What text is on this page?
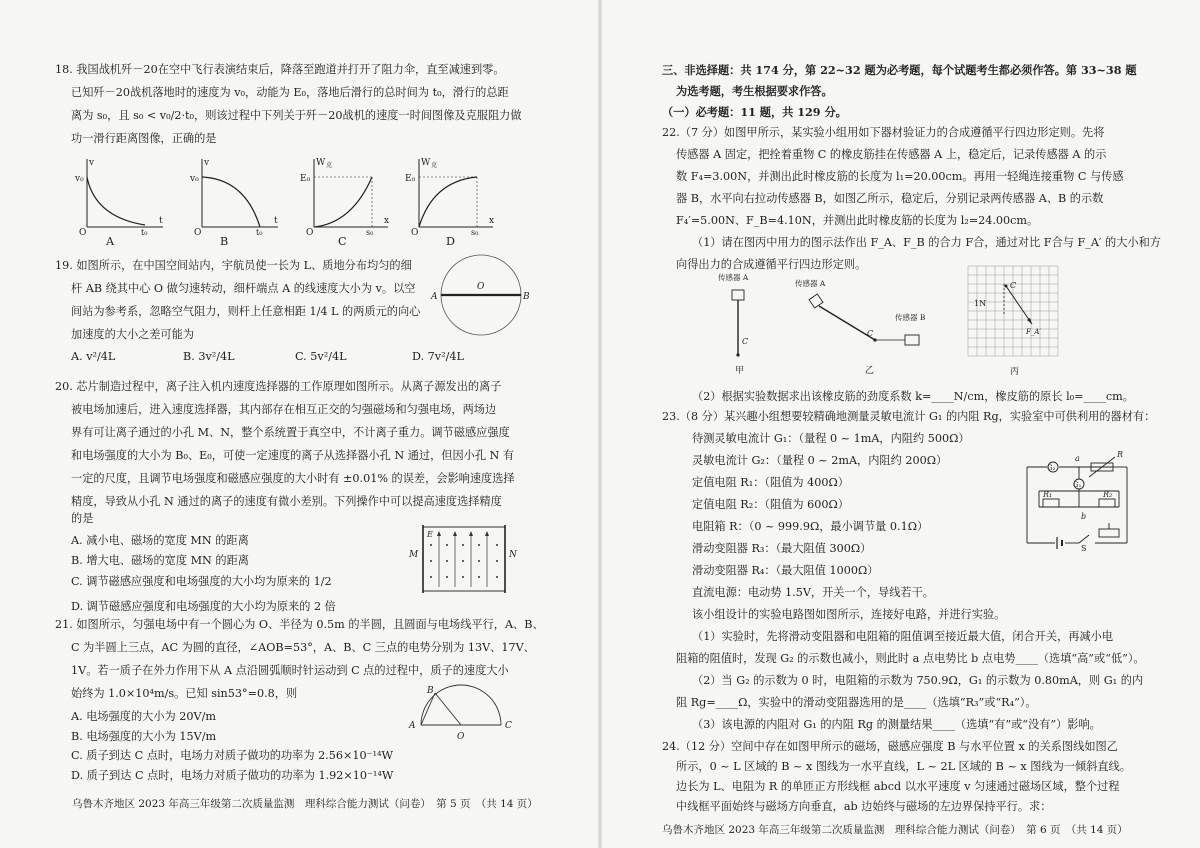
18. 我国战机歼－20在空中飞行表演结束后，降落至跑道并打开了阻力伞，直至减速到零。
已知歼－20战机落地时的速度为 v₀，动能为 E₀，落地后滑行的总时间为 t₀，滑行的总距
离为 s₀，且 s₀ < v₀/2·t₀，则该过程中下列关于歼－20战机的速度一时间图像及克服阻力做
功一滑行距离图像，正确的是
v
v₀
O	t₀
t
A
v
v₀
O	t₀
t
B
W 克
E₀
O	s₀
x
C
W 克
E₀
O	s₀
x
D
19. 如图所示，在中国空间站内，宇航员使一长为 L、质地分布均匀的细
杆 AB 绕其中心 O 做匀速转动，细杆端点 A 的线速度大小为 v。以空
间站为参考系，忽略空气阻力，则杆上任意相距 1/4 L 的两质元的向心
加速度的大小之差可能为
A. v²/4L	B. 3v²/4L	C. 5v²/4L	D. 7v²/4L
A
O
B
20. 芯片制造过程中，离子注入机内速度选择器的工作原理如图所示。从离子源发出的离子
被电场加速后，进入速度选择器，其内部存在相互正交的匀强磁场和匀强电场，两场边
界有可让离子通过的小孔 M、N，整个系统置于真空中，不计离子重力。调节磁感应强度
和电场强度的大小为 B₀、E₀，可使一定速度的离子从选择器小孔 N 通过，但因小孔 N 有
一定的尺度，且调节电场强度和磁感应强度的大小时有 ±0.01% 的误差，会影响速度选择
精度，导致从小孔 N 通过的离子的速度有微小差别。下列操作中可以提高速度选择精度
的是
A. 减小电、磁场的宽度 MN 的距离
B. 增大电、磁场的宽度 MN 的距离
C. 调节磁感应强度和电场强度的大小均为原来的 1/2
D. 调节磁感应强度和电场强度的大小均为原来的 2 倍
E
M	N
21. 如图所示，匀强电场中有一个圆心为 O、半径为 0.5m 的半圆，且圆面与电场线平行，A、B、
C 为半圆上三点，AC 为圆的直径，∠AOB=53°，A、B、C 三点的电势分别为 13V、17V、
1V。若一质子在外力作用下从 A 点沿圆弧顺时针运动到 C 点的过程中，质子的速度大小
始终为 1.0×10⁴m/s。已知 sin53°=0.8，则
A. 电场强度的大小为 20V/m
B. 电场强度的大小为 15V/m
C. 质子到达 C 点时，电场力对质子做功的功率为 2.56×10⁻¹⁴W
D. 质子到达 C 点时，电场力对质子做功的功率为 1.92×10⁻¹⁴W
A
B
C
O
乌鲁木齐地区 2023 年高三年级第二次质量监测　理科综合能力测试（问卷）　第 5 页　（共 14 页）
三、非选择题：共 174 分，第 22~32 题为必考题，每个试题考生都必须作答。第 33~38 题
为选考题，考生根据要求作答。
（一）必考题：11 题，共 129 分。
22.（7 分）如图甲所示，某实验小组用如下器材验证力的合成遵循平行四边形定则。先将
传感器 A 固定，把拴着重物 C 的橡皮筋挂在传感器 A 上，稳定后，记录传感器 A 的示
数 F₄=3.00N，并测出此时橡皮筋的长度为 l₁=20.00cm。再用一轻绳连接重物 C 与传感
器 B，水平向右拉动传感器 B，如图乙所示，稳定后，分别记录两传感器 A、B 的示数
F₄′=5.00N、F_B=4.10N，并测出此时橡皮筋的长度为 l₂=24.00cm。
（1）请在图丙中用力的图示法作出 F_A、F_B 的合力 F合，通过对比 F合与 F_A′ 的大小和方
向得出力的合成遵循平行四边形定则。
传感器 A
C
甲
传感器 A
传感器 B
C
乙
C
1N
F_A′
丙
（2）根据实验数据求出该橡皮筋的劲度系数 k=____N/cm，橡皮筋的原长 l₀=____cm。
23.（8 分）某兴趣小组想要较精确地测量灵敏电流计 G₁ 的内阻 Rg，实验室中可供利用的器材有：
待测灵敏电流计 G₁：（量程 0 ~ 1mA，内阻约 500Ω）
灵敏电流计 G₂：（量程 0 ~ 2mA，内阻约 200Ω）
定值电阻 R₁：（阻值为 400Ω）
定值电阻 R₂：（阻值为 600Ω）
电阻箱 R：（0 ~ 999.9Ω，最小调节量 0.1Ω）
滑动变阻器 R₃：（最大阻值 300Ω）
滑动变阻器 R₄：（最大阻值 1000Ω）
直流电源：电动势 1.5V，开关一个，导线若干。
该小组设计的实验电路图如图所示，连接好电路，并进行实验。
（1）实验时，先将滑动变阻器和电阻箱的阻值调至接近最大值，闭合开关，再减小电
阻箱的阻值时，发现 G₂ 的示数也减小，则此时 a 点电势比 b 点电势____（选填“高”或“低”）。
（2）当 G₂ 的示数为 0 时，电阻箱的示数为 750.9Ω，G₁ 的示数为 0.80mA，则 G₁ 的内
阻 Rg=____Ω，实验中的滑动变阻器选用的是____（选填“R₃”或“R₄”）。
（3）该电源的内阻对 G₁ 的内阻 Rg 的测量结果____（选填“有”或“没有”）影响。
G₂
G₁
R
a
b
R₁	R₂
S
24.（12 分）空间中存在如图甲所示的磁场，磁感应强度 B 与水平位置 x 的关系图线如图乙
所示，0 ~ L 区域的 B ~ x 图线为一水平直线，L ~ 2L 区域的 B ~ x 图线为一倾斜直线。
边长为 L、电阻为 R 的单匝正方形线框 abcd 以水平速度 v 匀速通过磁场区域，整个过程
中线框平面始终与磁场方向垂直，ab 边始终与磁场的左边界保持平行。求：
乌鲁木齐地区 2023 年高三年级第二次质量监测　理科综合能力测试（问卷）　第 6 页　（共 14 页）
